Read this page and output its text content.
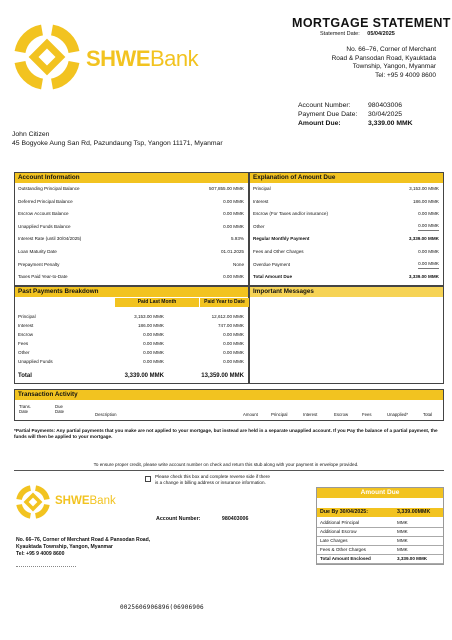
SHWEBank
MORTGAGE STATEMENT
Statement Date: 05/04/2025
No. 66–76, Corner of Merchant
Road & Pansodan Road, Kyauktada
Township, Yangon, Myanmar
Tel: +95 9 4009 8600
Account Number:	980403006
Payment Due Date: 30/04/2025
Amount Due:	3,339.00 MMK
John Citizen
45 Bogyoke Aung San Rd, Pazundaung Tsp, Yangon 11171, Myanmar
Account Information
Outstanding Principal Balance	507,855.00 MMK
Deferred Principal Balance	0.00 MMK
Escrow Account Balance	0.00 MMK
Unapplied Funds Balance	0.00 MMK
Interest Rate (until 30/04/2025)	5.93%
Loan Maturity Date	01.01.2025
Prepayment Penalty	None
Taxes Paid Year-to-Date	0.00 MMK
Explanation of Amount Due
Principal	3,153.00 MMK
Interest	186.00 MMK
Escrow (For Taxes and/or insurance)	0.00 MMK
Other	0.00 MMK
Regular Monthly Payment	3,339.00 MMK
Fees and Other Charges	0.00 MMK
Overdue Payment	0.00 MMK
Total Amount Due	3,339.00 MMK
Past Payments Breakdown
Paid Last Month	Paid Year to Date
Principal	3,153.00 MMK	12,612.00 MMK
Interest	186.00 MMK	747.00 MMK
Escrow	0.00 MMK	0.00 MMK
Fees	0.00 MMK	0.00 MMK
Other	0.00 MMK	0.00 MMK
Unapplied Funds	0.00 MMK	0.00 MMK
Total	3,339.00 MMK	13,359.00 MMK
Important Messages
Transaction Activity
Trans. Date
Due Date
Description	Amount	Principal	Interest	Escrow	Fees	Unapplied*	Total
*Partial Payments: Any partial payments that you make are not applied to your mortgage, but instead are held in a separate unapplied account. If you Pay the balance of a partial payment, the funds will then be applied to your mortgage.
To ensure proper credit, please write account number on check and return this stub along with your payment in envelope provided.
SHWEBank
Please check this box and complete reverse side if there
is a change in billing address or insurance information.
Account Number:	980403006
No. 66–76, Corner of Merchant Road & Pansodan Road,
Kyauktada Township, Yangon, Myanmar
Tel: +95 9 4009 8600
Amount Due
Due By 30/04/2025:	3,339.00MMK
Additional Principal	MMK
Additional Escrow	MMK
Late Charges	MMK
Fees & Other Charges	MMK
Total Amount Enclosed	3,339.00 MMK
0025606906896(06906906
